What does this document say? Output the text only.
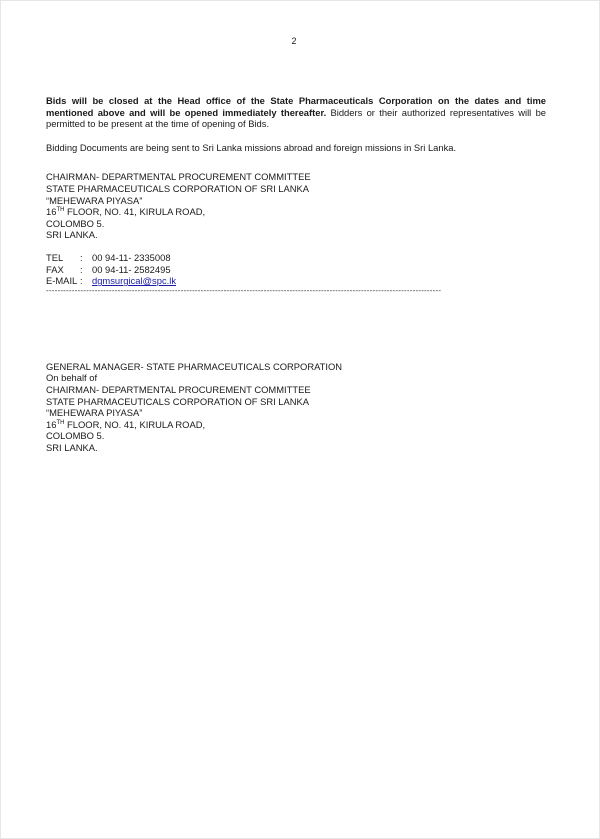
2

Bids will be closed at the Head office of the State Pharmaceuticals Corporation on the dates and time mentioned above and will be opened immediately thereafter. Bidders or their authorized representatives will be permitted to be present at the time of opening of Bids.

Bidding Documents are being sent to Sri Lanka missions abroad and foreign missions in Sri Lanka.

CHAIRMAN- DEPARTMENTAL PROCUREMENT COMMITTEE
STATE PHARMACEUTICALS CORPORATION OF SRI LANKA
“MEHEWARA PIYASA”
16TH FLOOR, NO. 41, KIRULA ROAD,
COLOMBO 5.
SRI LANKA.
TEL : 00 94-11- 2335008
FAX : 00 94-11- 2582495
E-MAIL : dgmsurgical@spc.lk
------------------------------------------------------------------------------------------------------------------------------------------
GENERAL MANAGER- STATE PHARMACEUTICALS CORPORATION
On behalf of
CHAIRMAN- DEPARTMENTAL PROCUREMENT COMMITTEE
STATE PHARMACEUTICALS CORPORATION OF SRI LANKA
“MEHEWARA PIYASA”
16TH FLOOR, NO. 41, KIRULA ROAD,
COLOMBO 5.
SRI LANKA.
